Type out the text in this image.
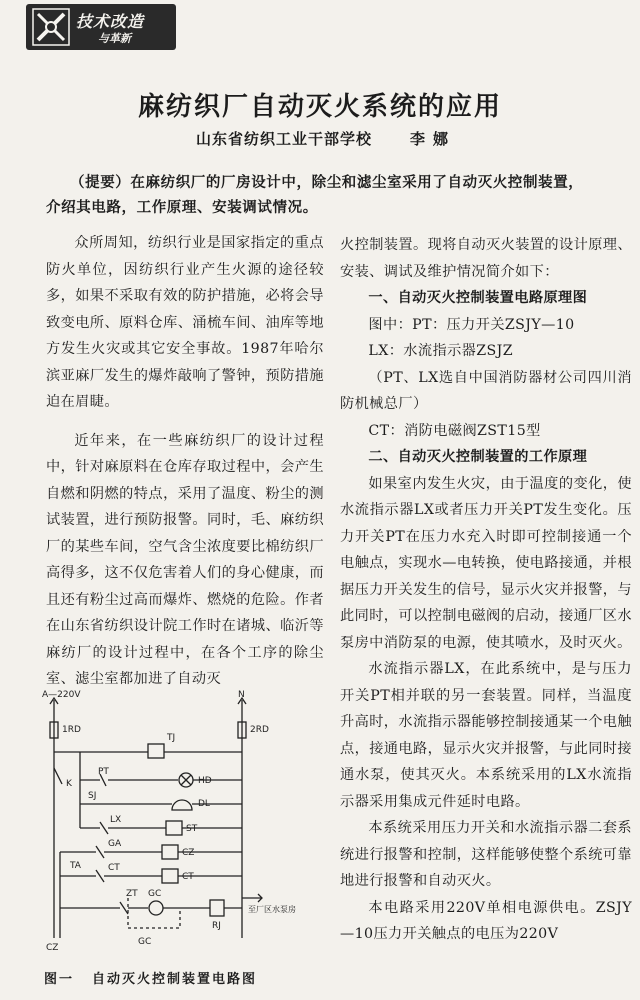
技术改造
与革新
麻纺织厂自动灭火系统的应用
山东省纺织工业干部学校	李娜

（提要）在麻纺织厂的厂房设计中，除尘和滤尘室采用了自动灭火控制装置，

介绍其电路，工作原理、安装调试情况。

众所周知，纺织行业是国家指定的重点防火单位，因纺织行业产生火源的途径较多，如果不采取有效的防护措施，必将会导致变电所、原料仓库、涌梳车间、油库等地方发生火灾或其它安全事故。1987年哈尔滨亚麻厂发生的爆炸敲响了警钟，预防措施迫在眉睫。

近年来，在一些麻纺织厂的设计过程中，针对麻原料在仓库存取过程中，会产生自燃和阴燃的特点，采用了温度、粉尘的测试装置，进行预防报警。同时，毛、麻纺织厂的某些车间，空气含尘浓度要比棉纺织厂高得多，这不仅危害着人们的身心健康，而且还有粉尘过高而爆炸、燃烧的危险。作者在山东省纺织设计院工作时在诸城、临沂等麻纺厂的设计过程中，在各个工序的除尘室、滤尘室都加进了自动灭

火控制装置。现将自动灭火装置的设计原理、安装、调试及维护情况简介如下：

一、自动灭火控制装置电路原理图

图中：PT：压力开关ZSJY—10

LX：水流指示器ZSJZ

（PT、LX选自中国消防器材公司四川消防机械总厂）

CT：消防电磁阀ZST15型

二、自动灭火控制装置的工作原理

如果室内发生火灾，由于温度的变化，使水流指示器LX或者压力开关PT发生变化。压力开关PT在压力水充入时即可控制接通一个电触点，实现水—电转换，使电路接通，并根据压力开关发生的信号，显示火灾并报警，与此同时，可以控制电磁阀的启动，接通厂区水泵房中消防泵的电源，使其喷水，及时灭火。

水流指示器LX，在此系统中，是与压力开关PT相并联的另一套装置。同样，当温度升高时，水流指示器能够控制接通某一个电触点，接通电路，显示火灾并报警，与此同时接通水泵，使其灭火。本系统采用的LX水流指示器采用集成元件延时电路。

本系统采用压力开关和水流指示器二套系统进行报警和控制，这样能够使整个系统可靠地进行报警和自动灭火。

本电路采用220V单相电源供电。ZSJY—10压力开关触点的电压为220V

A—220V	N
1RD	2RD
K
PT
SJ
LX
TJ
HD
DL
ST
CZ
CT
GA
TA	CT
ZT GC
RJ
CZ
至厂区水泵房
GC
图一 自动灭火控制装置电路图
